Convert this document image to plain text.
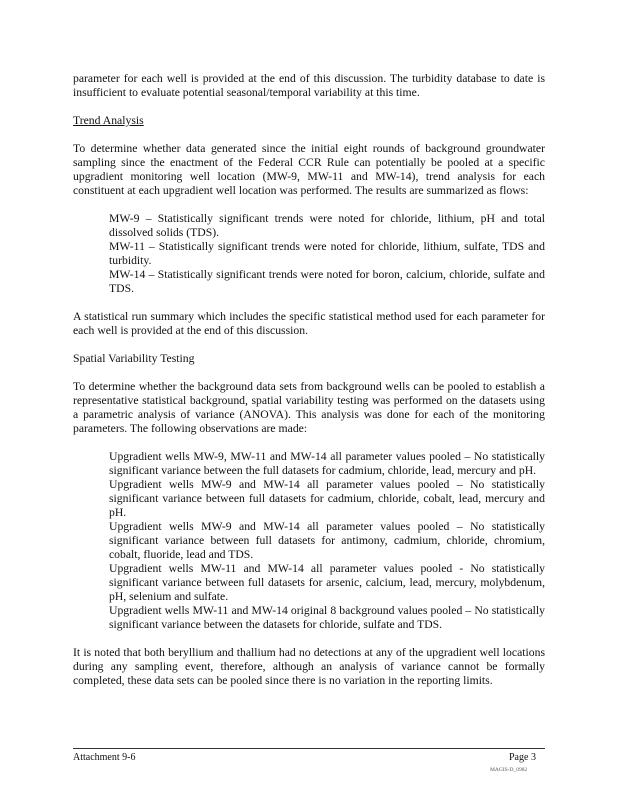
parameter for each well is provided at the end of this discussion. The turbidity database to date is insufficient to evaluate potential seasonal/temporal variability at this time.

Trend Analysis

To determine whether data generated since the initial eight rounds of background groundwater sampling since the enactment of the Federal CCR Rule can potentially be pooled at a specific upgradient monitoring well location (MW-9, MW-11 and MW-14), trend analysis for each constituent at each upgradient well location was performed. The results are summarized as flows:

MW-9 – Statistically significant trends were noted for chloride, lithium, pH and total dissolved solids (TDS).
MW-11 – Statistically significant trends were noted for chloride, lithium, sulfate, TDS and turbidity.
MW-14 – Statistically significant trends were noted for boron, calcium, chloride, sulfate and TDS.

A statistical run summary which includes the specific statistical method used for each parameter for each well is provided at the end of this discussion.

Spatial Variability Testing

To determine whether the background data sets from background wells can be pooled to establish a representative statistical background, spatial variability testing was performed on the datasets using a parametric analysis of variance (ANOVA). This analysis was done for each of the monitoring parameters. The following observations are made:

Upgradient wells MW-9, MW-11 and MW-14 all parameter values pooled – No statistically significant variance between the full datasets for cadmium, chloride, lead, mercury and pH.
Upgradient wells MW-9 and MW-14 all parameter values pooled – No statistically significant variance between full datasets for cadmium, chloride, cobalt, lead, mercury and pH.
Upgradient wells MW-9 and MW-14 all parameter values pooled – No statistically significant variance between full datasets for antimony, cadmium, chloride, chromium, cobalt, fluoride, lead and TDS.
Upgradient wells MW-11 and MW-14 all parameter values pooled - No statistically significant variance between full datasets for arsenic, calcium, lead, mercury, molybdenum, pH, selenium and sulfate.
Upgradient wells MW-11 and MW-14 original 8 background values pooled – No statistically significant variance between the datasets for chloride, sulfate and TDS.

It is noted that both beryllium and thallium had no detections at any of the upgradient well locations during any sampling event, therefore, although an analysis of variance cannot be formally completed, these data sets can be pooled since there is no variation in the reporting limits.

Attachment 9-6	Page 3
MAGIS-D_0982
